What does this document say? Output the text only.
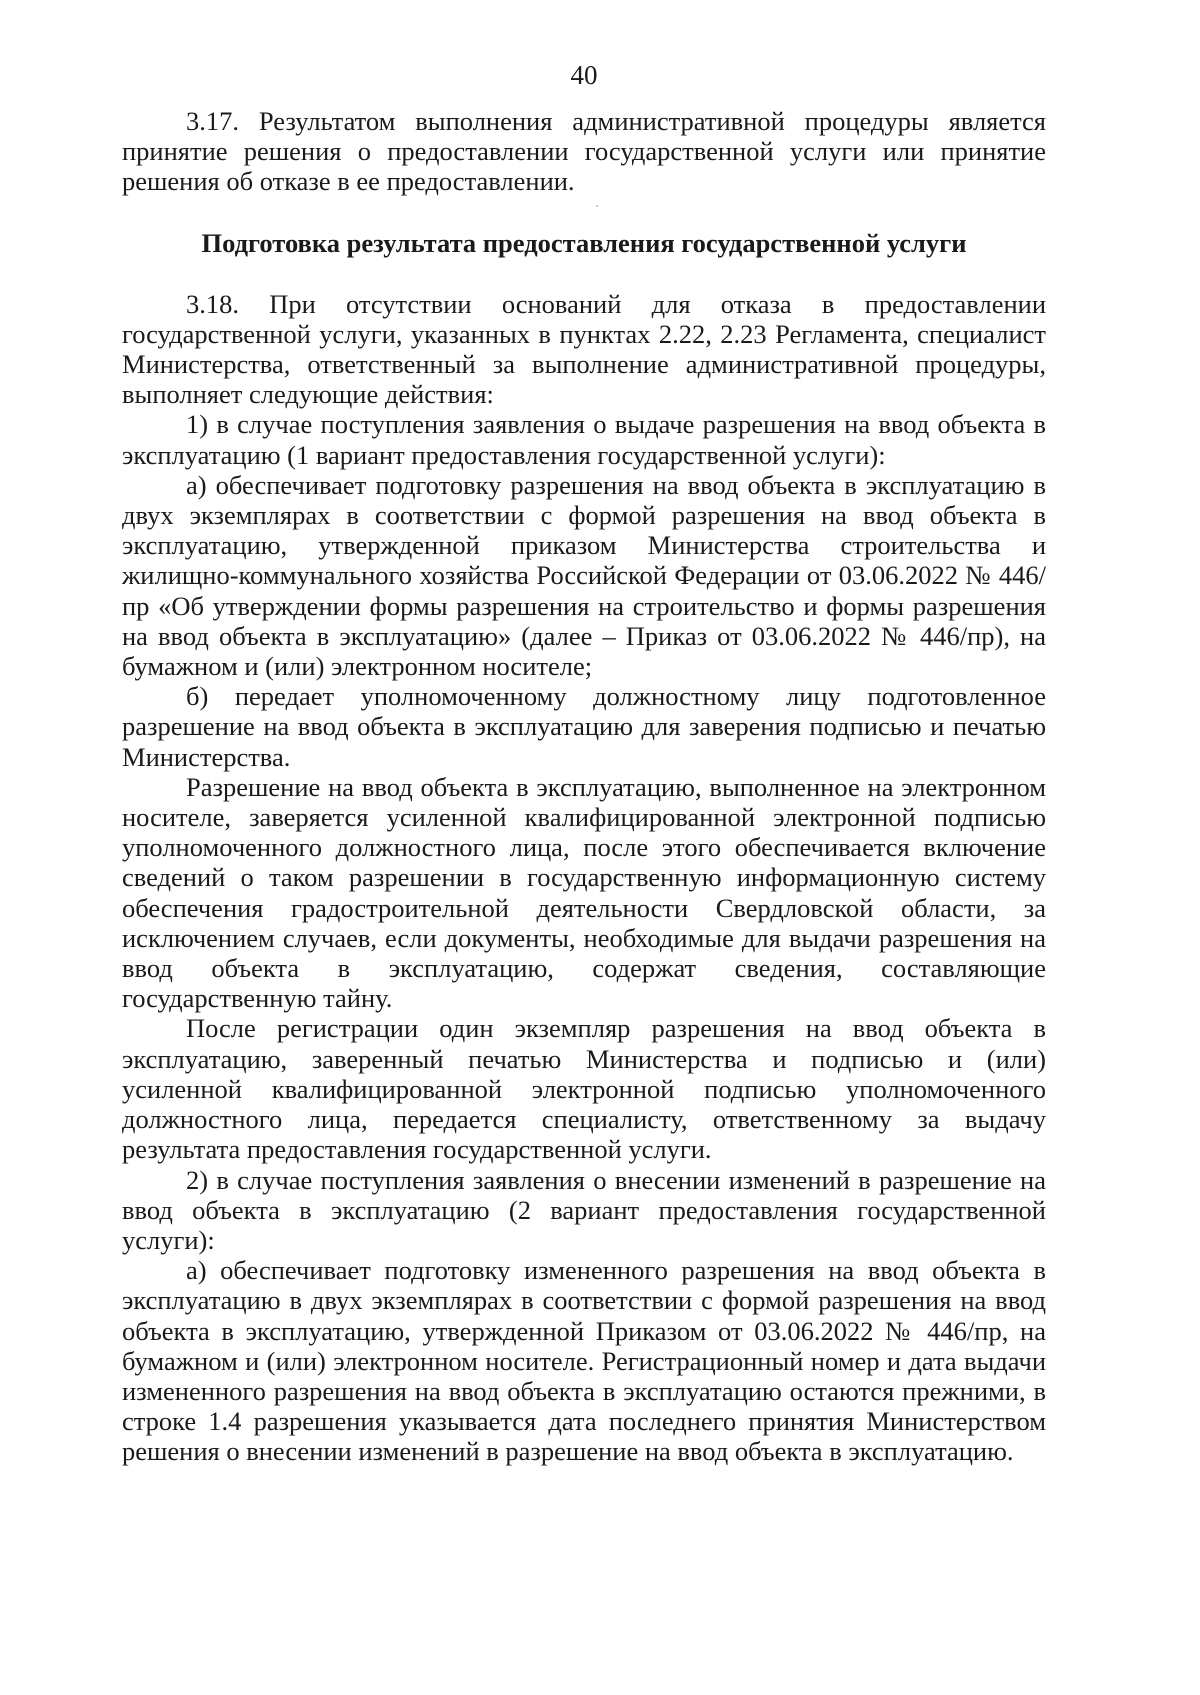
40

3.17. Результатом выполнения административной процедуры является принятие решения о предоставлении государственной услуги или принятие решения об отказе в ее предоставлении.

Подготовка результата предоставления государственной услуги

3.18. При отсутствии оснований для отказа в предоставлении государственной услуги, указанных в пунктах 2.22, 2.23 Регламента, специалист Министерства, ответственный за выполнение административной процедуры, выполняет следующие действия:

1) в случае поступления заявления о выдаче разрешения на ввод объекта в эксплуатацию (1 вариант предоставления государственной услуги):

а) обеспечивает подготовку разрешения на ввод объекта в эксплуатацию в двух экземплярах в соответствии с формой разрешения на ввод объекта в эксплуатацию, утвержденной приказом Министерства строительства и жилищно-коммунального хозяйства Российской Федерации от 03.06.2022 № 446/пр «Об утверждении формы разрешения на строительство и формы разрешения на ввод объекта в эксплуатацию» (далее – Приказ от 03.06.2022 № 446/пр), на бумажном и (или) электронном носителе;

б) передает уполномоченному должностному лицу подготовленное разрешение на ввод объекта в эксплуатацию для заверения подписью и печатью Министерства.

Разрешение на ввод объекта в эксплуатацию, выполненное на электронном носителе, заверяется усиленной квалифицированной электронной подписью уполномоченного должностного лица, после этого обеспечивается включение сведений о таком разрешении в государственную информационную систему обеспечения градостроительной деятельности Свердловской области, за исключением случаев, если документы, необходимые для выдачи разрешения на ввод объекта в эксплуатацию, содержат сведения, составляющие государственную тайну.

После регистрации один экземпляр разрешения на ввод объекта в эксплуатацию, заверенный печатью Министерства и подписью и (или) усиленной квалифицированной электронной подписью уполномоченного должностного лица, передается специалисту, ответственному за выдачу результата предоставления государственной услуги.

2) в случае поступления заявления о внесении изменений в разрешение на ввод объекта в эксплуатацию (2 вариант предоставления государственной услуги):

а) обеспечивает подготовку измененного разрешения на ввод объекта в эксплуатацию в двух экземплярах в соответствии с формой разрешения на ввод объекта в эксплуатацию, утвержденной Приказом от 03.06.2022 № 446/пр, на бумажном и (или) электронном носителе. Регистрационный номер и дата выдачи измененного разрешения на ввод объекта в эксплуатацию остаются прежними, в строке 1.4 разрешения указывается дата последнего принятия Министерством решения о внесении изменений в разрешение на ввод объекта в эксплуатацию.
